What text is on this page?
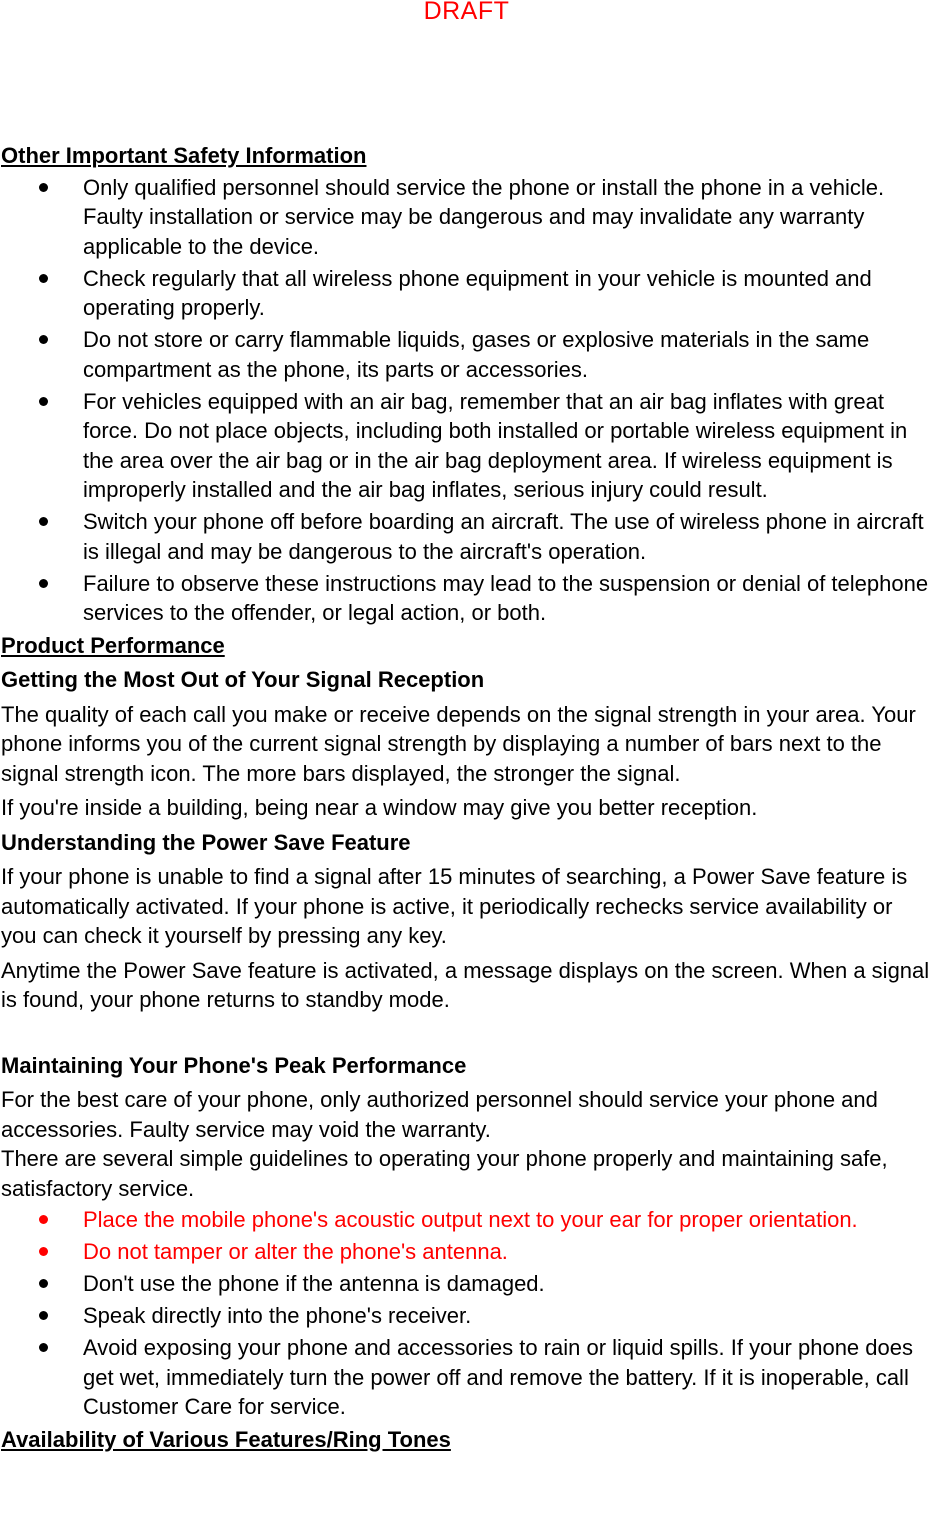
DRAFT
Other Important Safety Information
Only qualified personnel should service the phone or install the phone in a vehicle. Faulty installation or service may be dangerous and may invalidate any warranty applicable to the device.
Check regularly that all wireless phone equipment in your vehicle is mounted and operating properly.
Do not store or carry flammable liquids, gases or explosive materials in the same compartment as the phone, its parts or accessories.
For vehicles equipped with an air bag, remember that an air bag inflates with great force. Do not place objects, including both installed or portable wireless equipment in the area over the air bag or in the air bag deployment area. If wireless equipment is improperly installed and the air bag inflates, serious injury could result.
Switch your phone off before boarding an aircraft. The use of wireless phone in aircraft is illegal and may be dangerous to the aircraft's operation.
Failure to observe these instructions may lead to the suspension or denial of telephone services to the offender, or legal action, or both.
Product Performance
Getting the Most Out of Your Signal Reception

The quality of each call you make or receive depends on the signal strength in your area. Your phone informs you of the current signal strength by displaying a number of bars next to the signal strength icon. The more bars displayed, the stronger the signal.

If you're inside a building, being near a window may give you better reception.

Understanding the Power Save Feature

If your phone is unable to find a signal after 15 minutes of searching, a Power Save feature is automatically activated. If your phone is active, it periodically rechecks service availability or you can check it yourself by pressing any key.

Anytime the Power Save feature is activated, a message displays on the screen. When a signal is found, your phone returns to standby mode.

Maintaining Your Phone's Peak Performance

For the best care of your phone, only authorized personnel should service your phone and accessories. Faulty service may void the warranty.

There are several simple guidelines to operating your phone properly and maintaining safe, satisfactory service.

Place the mobile phone's acoustic output next to your ear for proper orientation.
Do not tamper or alter the phone's antenna.
Don't use the phone if the antenna is damaged.
Speak directly into the phone's receiver.
Avoid exposing your phone and accessories to rain or liquid spills. If your phone does get wet, immediately turn the power off and remove the battery. If it is inoperable, call Customer Care for service.
Availability of Various Features/Ring Tones
